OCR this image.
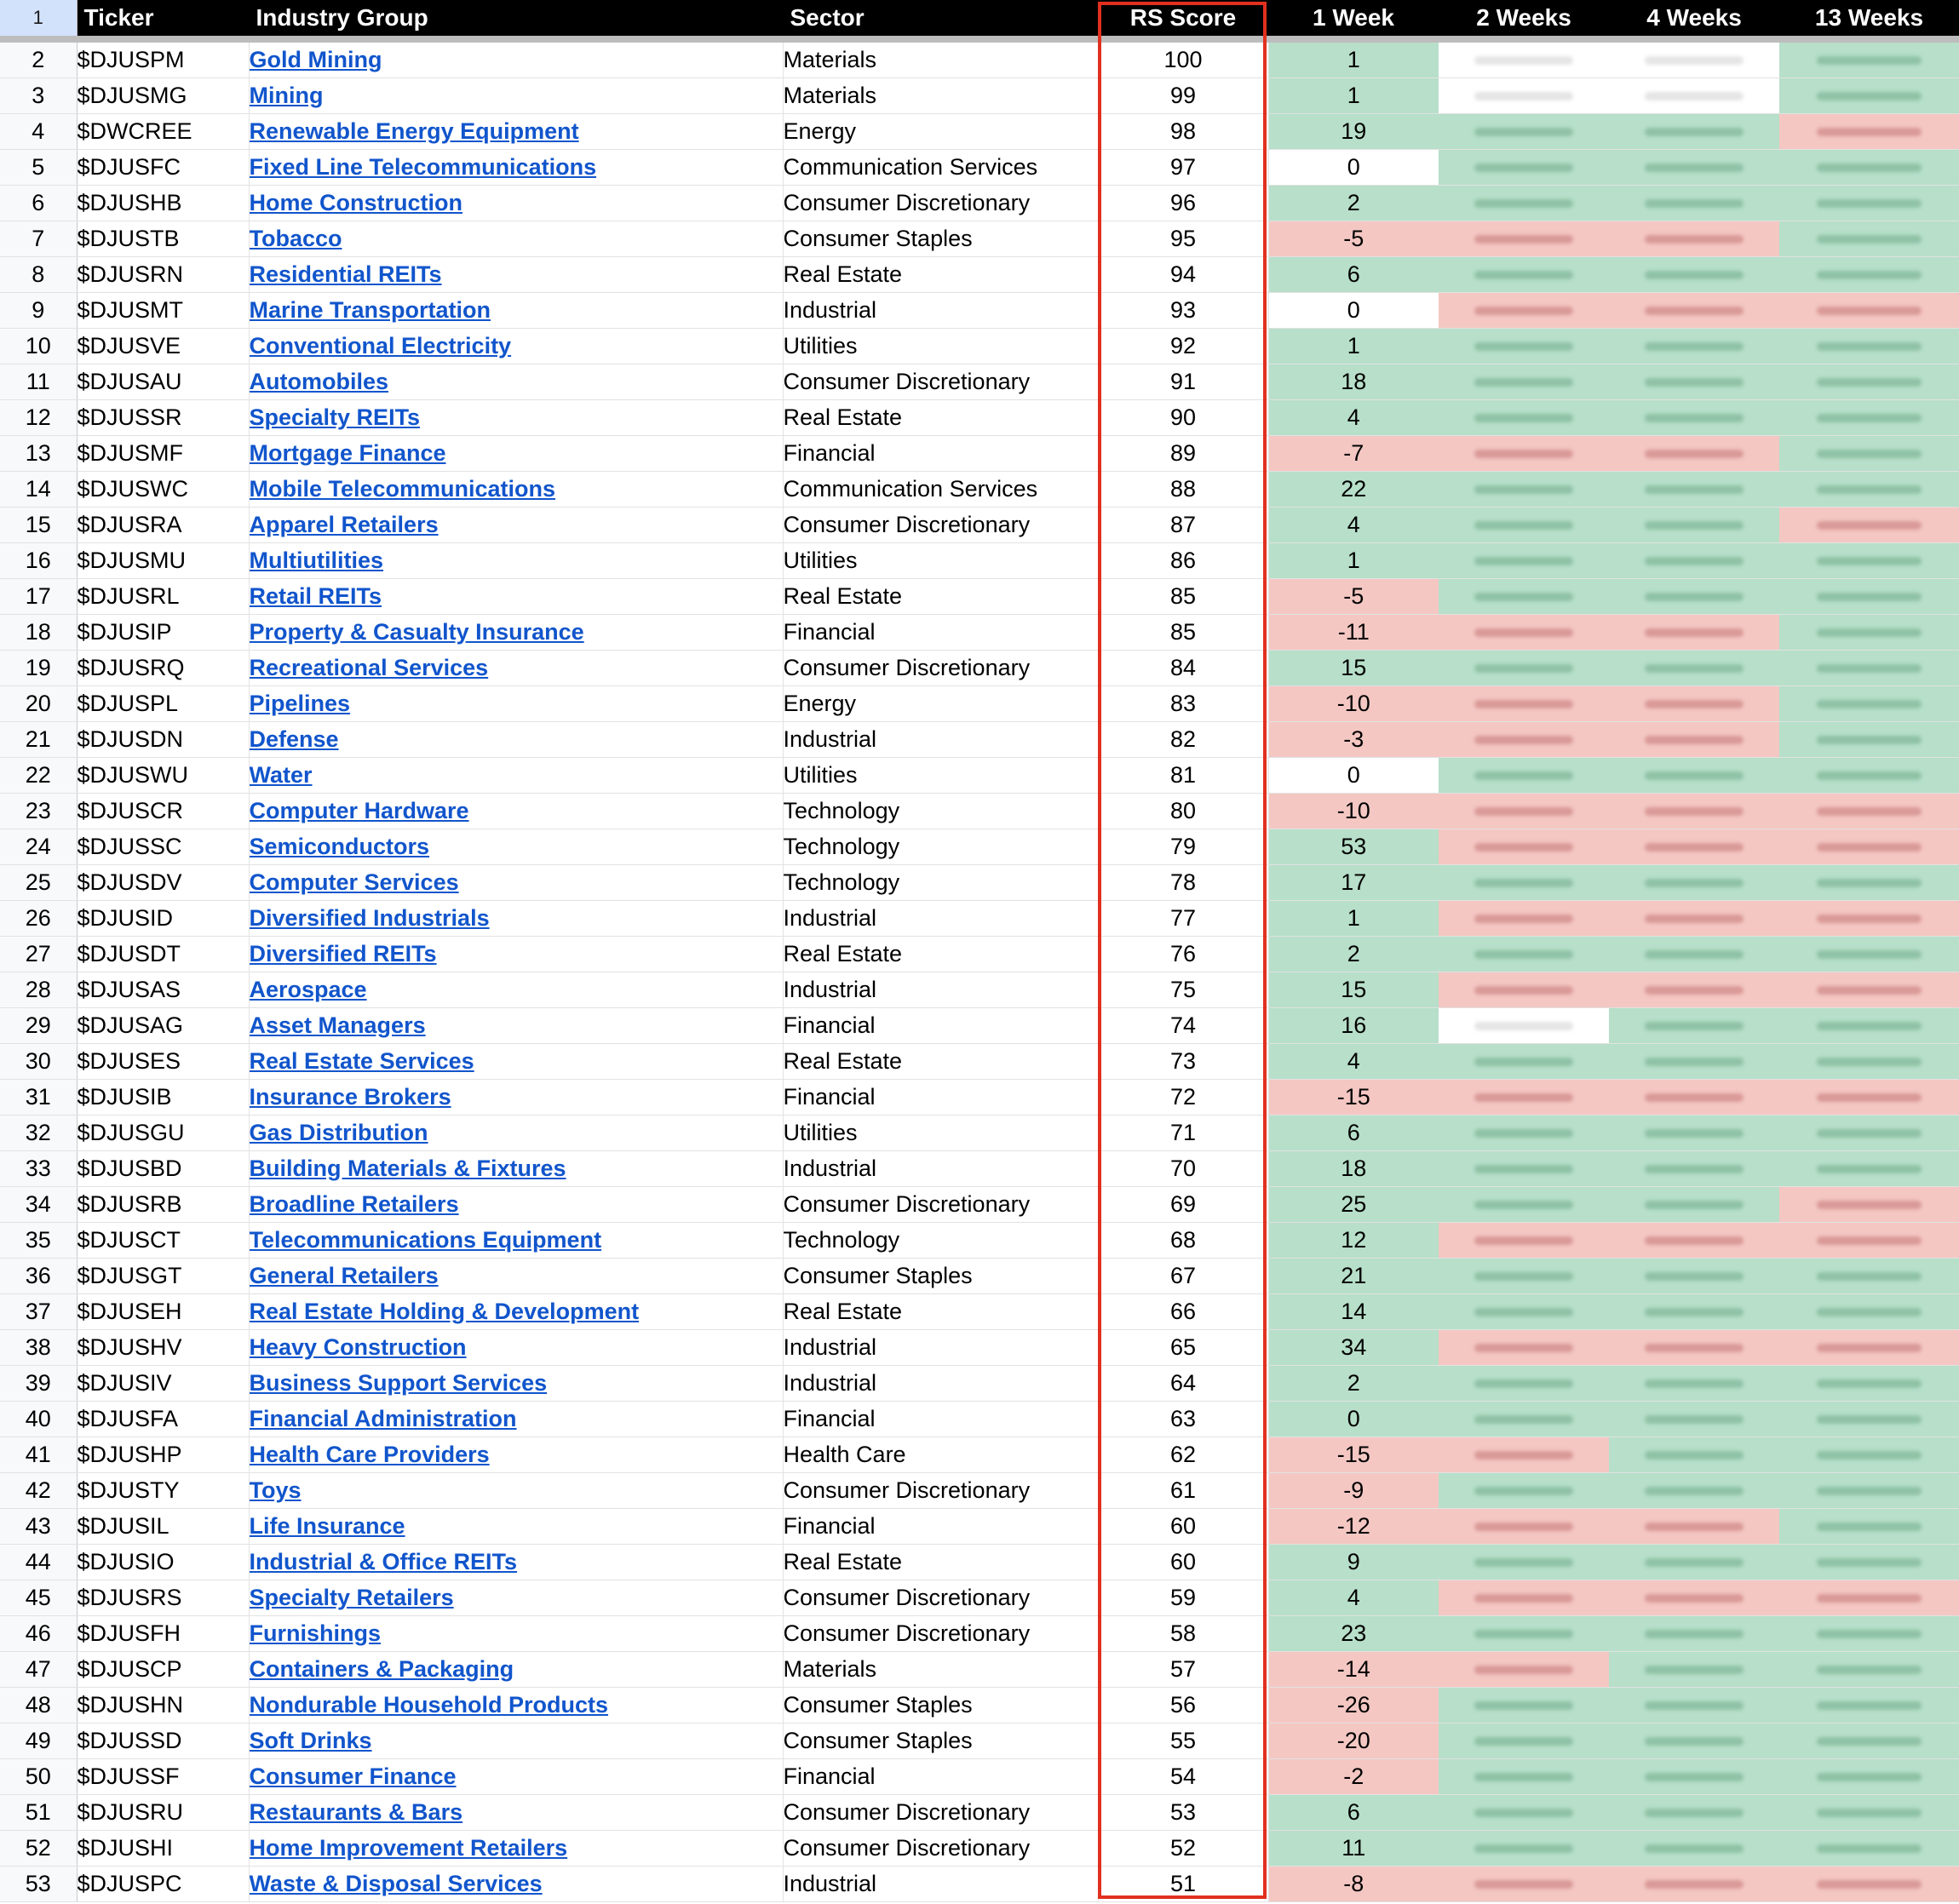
1	Ticker	Industry Group	Sector	RS Score	1 Week	2 Weeks	4 Weeks	13 Weeks
2	$DJUSPM	Gold Mining	Materials	100	1	

3	$DJUSMG	Mining	Materials	99	1	

4	$DWCREE	Renewable Energy Equipment	Energy	98	19	

5	$DJUSFC	Fixed Line Telecommunications	Communication Services	97	0	

6	$DJUSHB	Home Construction	Consumer Discretionary	96	2	

7	$DJUSTB	Tobacco	Consumer Staples	95	-5	

8	$DJUSRN	Residential REITs	Real Estate	94	6	

9	$DJUSMT	Marine Transportation	Industrial	93	0	

10	$DJUSVE	Conventional Electricity	Utilities	92	1	

11	$DJUSAU	Automobiles	Consumer Discretionary	91	18	

12	$DJUSSR	Specialty REITs	Real Estate	90	4	

13	$DJUSMF	Mortgage Finance	Financial	89	-7	

14	$DJUSWC	Mobile Telecommunications	Communication Services	88	22	

15	$DJUSRA	Apparel Retailers	Consumer Discretionary	87	4	

16	$DJUSMU	Multiutilities	Utilities	86	1	

17	$DJUSRL	Retail REITs	Real Estate	85	-5	

18	$DJUSIP	Property & Casualty Insurance	Financial	85	-11	

19	$DJUSRQ	Recreational Services	Consumer Discretionary	84	15	

20	$DJUSPL	Pipelines	Energy	83	-10	

21	$DJUSDN	Defense	Industrial	82	-3	

22	$DJUSWU	Water	Utilities	81	0	

23	$DJUSCR	Computer Hardware	Technology	80	-10	

24	$DJUSSC	Semiconductors	Technology	79	53	

25	$DJUSDV	Computer Services	Technology	78	17	

26	$DJUSID	Diversified Industrials	Industrial	77	1	

27	$DJUSDT	Diversified REITs	Real Estate	76	2	

28	$DJUSAS	Aerospace	Industrial	75	15	

29	$DJUSAG	Asset Managers	Financial	74	16	

30	$DJUSES	Real Estate Services	Real Estate	73	4	

31	$DJUSIB	Insurance Brokers	Financial	72	-15	

32	$DJUSGU	Gas Distribution	Utilities	71	6	

33	$DJUSBD	Building Materials & Fixtures	Industrial	70	18	

34	$DJUSRB	Broadline Retailers	Consumer Discretionary	69	25	

35	$DJUSCT	Telecommunications Equipment	Technology	68	12	

36	$DJUSGT	General Retailers	Consumer Staples	67	21	

37	$DJUSEH	Real Estate Holding & Development	Real Estate	66	14	

38	$DJUSHV	Heavy Construction	Industrial	65	34	

39	$DJUSIV	Business Support Services	Industrial	64	2	

40	$DJUSFA	Financial Administration	Financial	63	0	

41	$DJUSHP	Health Care Providers	Health Care	62	-15	

42	$DJUSTY	Toys	Consumer Discretionary	61	-9	

43	$DJUSIL	Life Insurance	Financial	60	-12	

44	$DJUSIO	Industrial & Office REITs	Real Estate	60	9	

45	$DJUSRS	Specialty Retailers	Consumer Discretionary	59	4	

46	$DJUSFH	Furnishings	Consumer Discretionary	58	23	

47	$DJUSCP	Containers & Packaging	Materials	57	-14	

48	$DJUSHN	Nondurable Household Products	Consumer Staples	56	-26	

49	$DJUSSD	Soft Drinks	Consumer Staples	55	-20	

50	$DJUSSF	Consumer Finance	Financial	54	-2	

51	$DJUSRU	Restaurants & Bars	Consumer Discretionary	53	6	

52	$DJUSHI	Home Improvement Retailers	Consumer Discretionary	52	11	

53	$DJUSPC	Waste & Disposal Services	Industrial	51	-8	
